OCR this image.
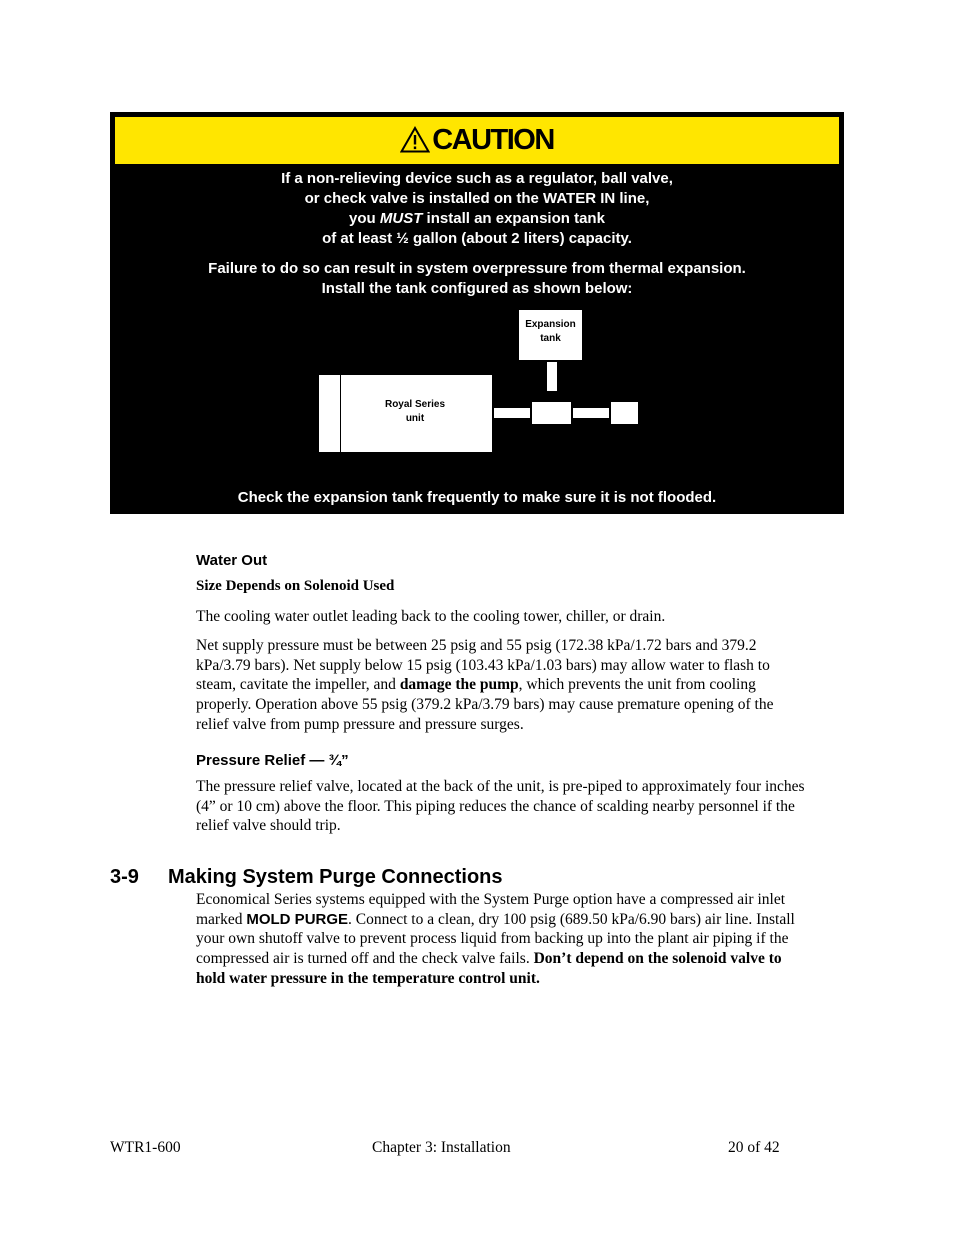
CAUTION
If a non-relieving device such as a regulator, ball valve,
or check valve is installed on the WATER IN line,
you MUST install an expansion tank
of at least ½ gallon (about 2 liters) capacity.
Failure to do so can result in system overpressure from thermal expansion.
Install the tank configured as shown below:
Expansion
tank
Royal Series
unit
Check the expansion tank frequently to make sure it is not flooded.
Water Out
Size Depends on Solenoid Used
The cooling water outlet leading back to the cooling tower, chiller, or drain.
Net supply pressure must be between 25 psig and 55 psig (172.38 kPa/1.72 bars and 379.2
kPa/3.79 bars). Net supply below 15 psig (103.43 kPa/1.03 bars) may allow water to flash to
steam, cavitate the impeller, and damage the pump, which prevents the unit from cooling
properly. Operation above 55 psig (379.2 kPa/3.79 bars) may cause premature opening of the
relief valve from pump pressure and pressure surges.
Pressure Relief — ¾”
The pressure relief valve, located at the back of the unit, is pre-piped to approximately four inches
(4” or 10 cm) above the floor. This piping reduces the chance of scalding nearby personnel if the
relief valve should trip.
3-9 Making System Purge Connections
Economical Series systems equipped with the System Purge option have a compressed air inlet
marked MOLD PURGE. Connect to a clean, dry 100 psig (689.50 kPa/6.90 bars) air line. Install
your own shutoff valve to prevent process liquid from backing up into the plant air piping if the
compressed air is turned off and the check valve fails. Don’t depend on the solenoid valve to
hold water pressure in the temperature control unit.
WTR1-600	Chapter 3: Installation	20 of 42
